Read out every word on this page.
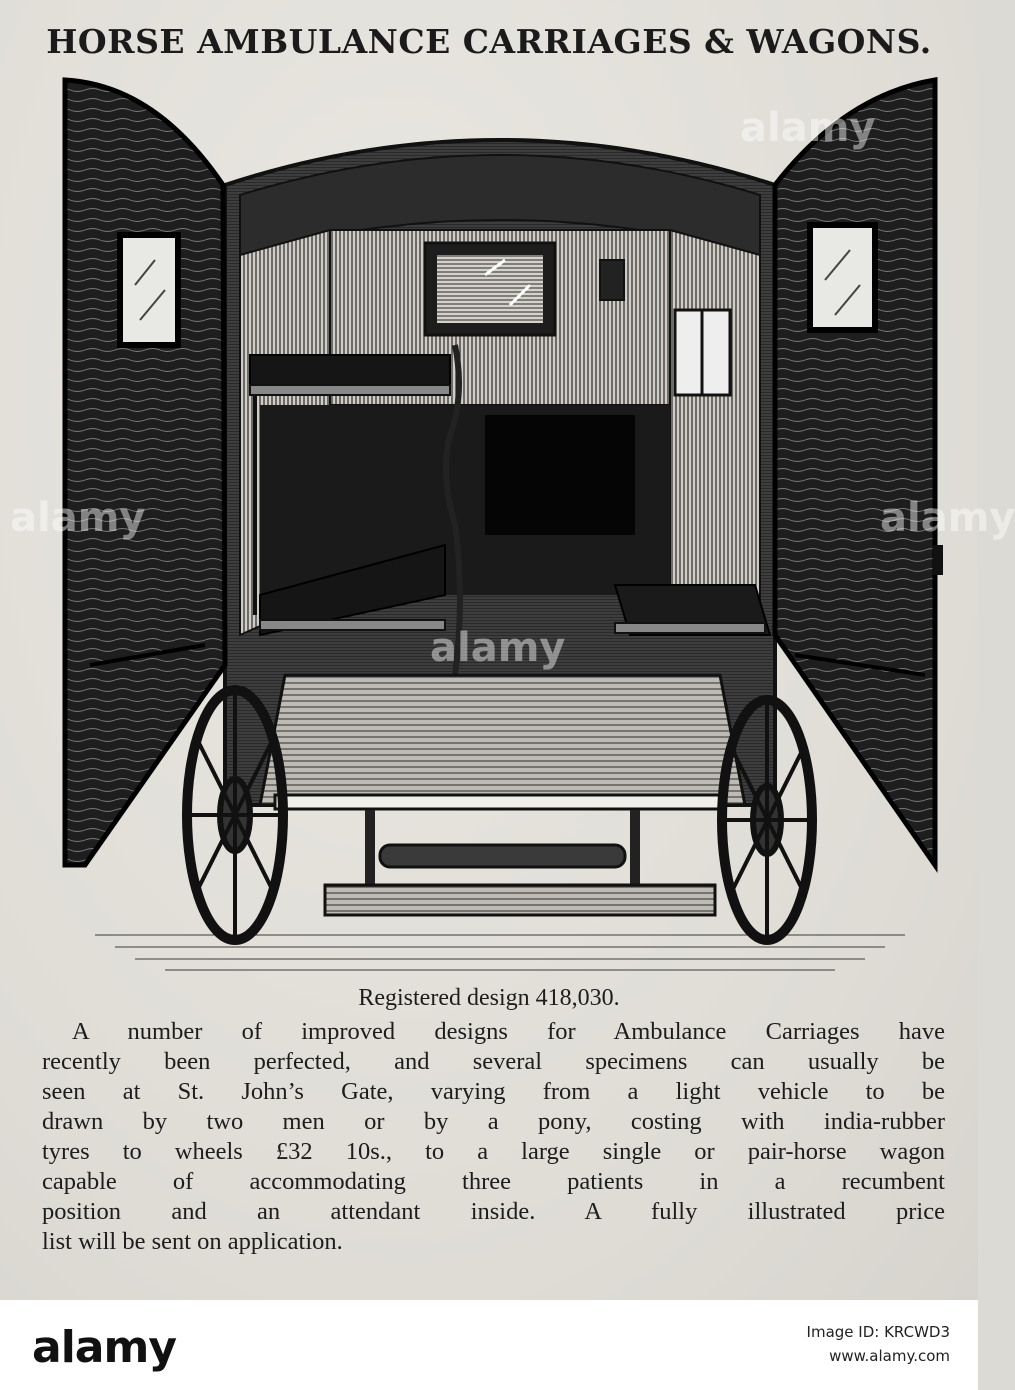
HORSE AMBULANCE CARRIAGES & WAGONS.
Registered design 418,030.
A number of improved designs for Ambulance Carriages have
recently been perfected, and several specimens can usually be
seen at St. John’s Gate, varying from a light vehicle to be
drawn by two men or by a pony, costing with india-rubber
tyres to wheels £32 10s., to a large single or pair-horse wagon
capable of accommodating three patients in a recumbent
position and an attendant inside. A fully illustrated price
list will be sent on application.
alamy
alamy
alamy
alamy
alamy	Image ID: KRCWD3
www.alamy.com
